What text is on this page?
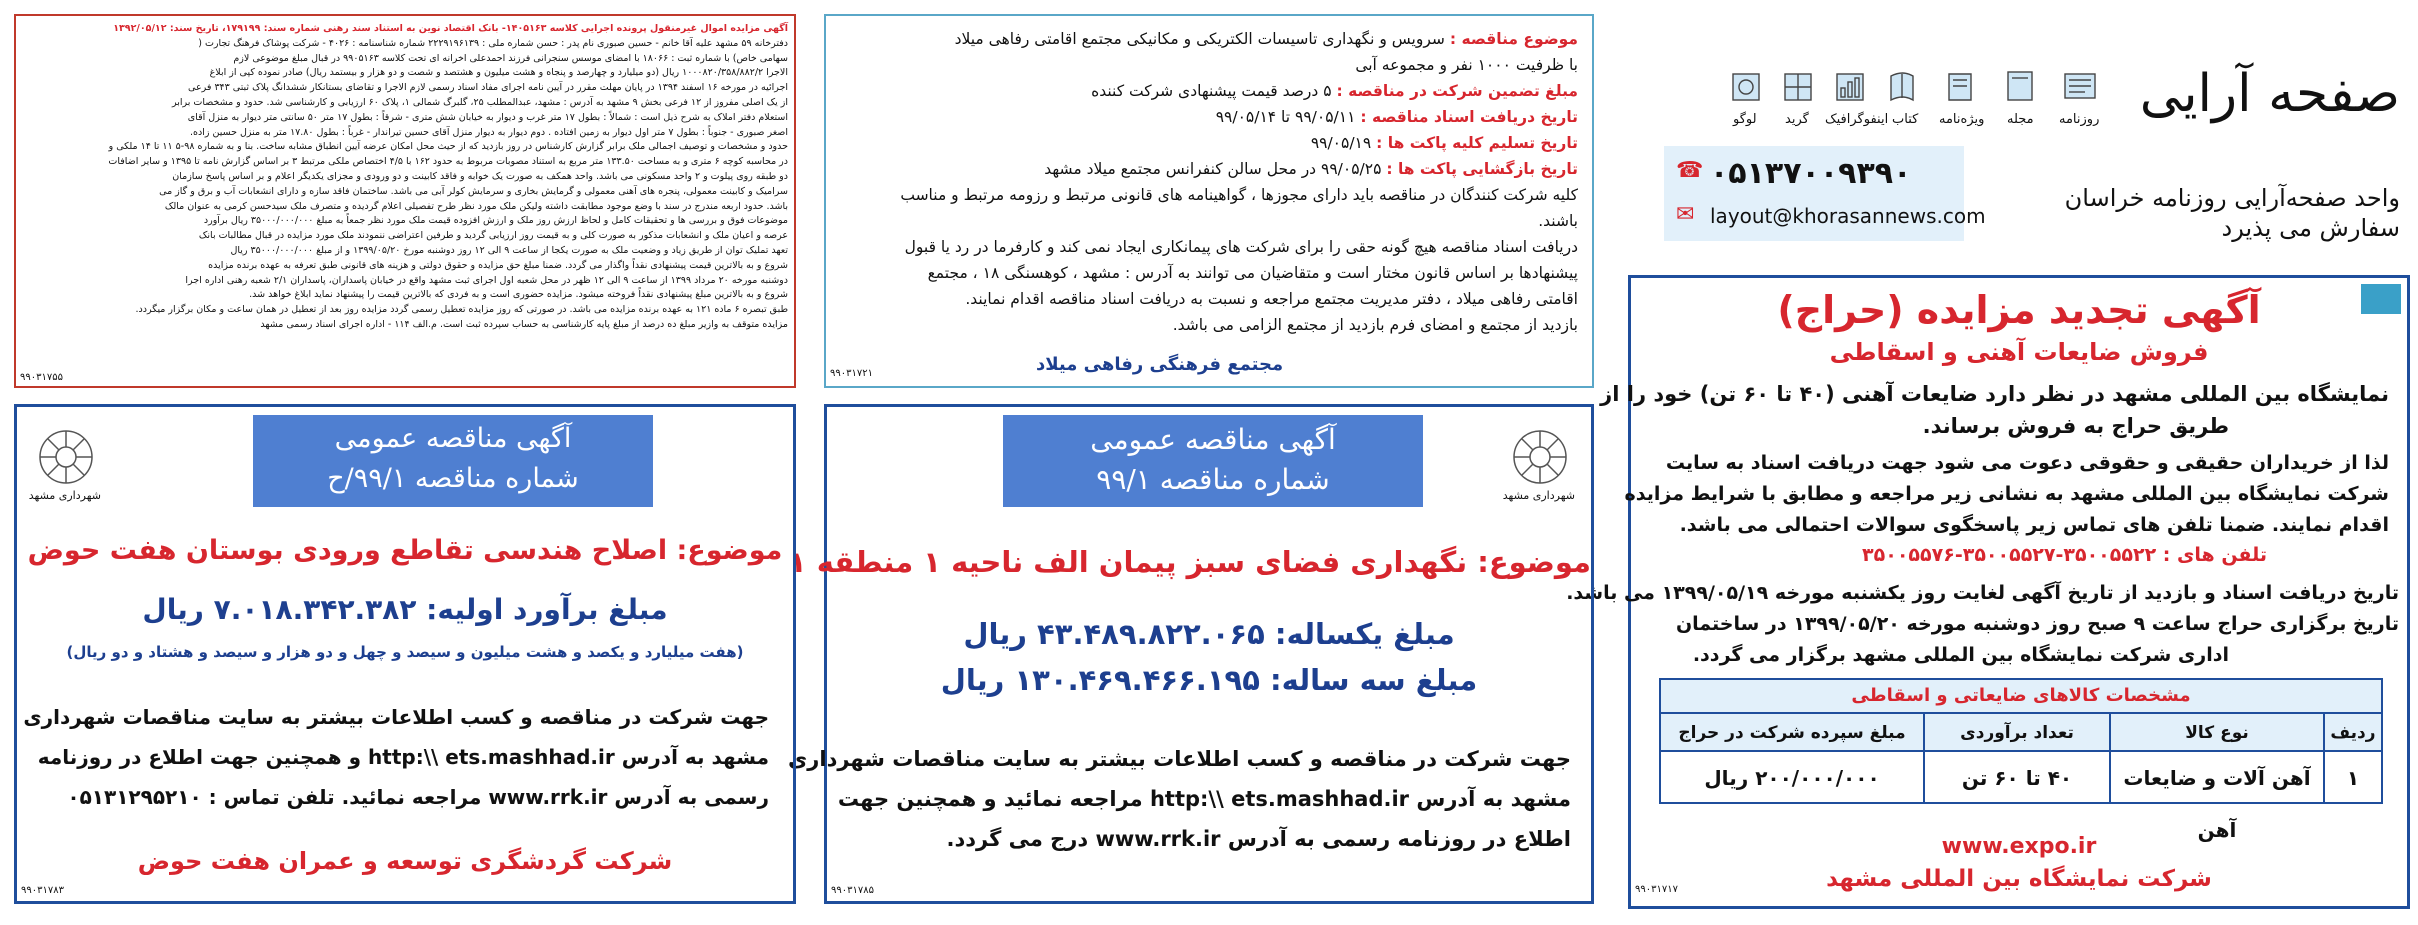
صفحه آرایی
واحد صفحه‌آرایی روزنامه خراسان
سفارش می پذیرد
روزنامه
مجله
ویژه‌نامه
کتاب
اینفوگرافیک
گرید
لوگو
۰۵۱۳۷۰۰۹۳۹۰
☎
layout@khorasannews.com
✉
آگهی تجدید مزایده (حراج)
فروش ضایعات آهنی و اسقاطی
نمایشگاه بین المللی مشهد در نظر دارد ضایعات آهنی (۴۰ تا ۶۰ تن) خود را از
طریق حراج به فروش برساند.
لذا از خریداران حقیقی و حقوقی دعوت می شود جهت دریافت اسناد به سایت
شرکت نمایشگاه بین المللی مشهد به نشانی زیر مراجعه و مطابق با شرایط مزایده
اقدام نمایند. ضمنا تلفن های تماس زیر پاسخگوی سوالات احتمالی می باشد.
تلفن های : ۳۵۰۰۵۵۲۲-۳۵۰۰۵۵۲۷-۳۵۰۰۵۵۷۶
تاریخ دریافت اسناد و بازدید از تاریخ آگهی لغایت روز یکشنبه مورخه ۱۳۹۹/۰۵/۱۹ می باشد.
تاریخ برگزاری حراج ساعت ۹ صبح روز دوشنبه مورخه ۱۳۹۹/۰۵/۲۰ در ساختمان
اداری شرکت نمایشگاه بین المللی مشهد برگزار می گردد.
مشخصات کالاهای ضایعاتی و اسقاطی
ردیف
نوع کالا
تعداد برآوردی
مبلغ سپرده شرکت در حراج
۱
آهن آلات و ضایعات آهن
۴۰ تا ۶۰ تن
۲۰۰/۰۰۰/۰۰۰ ریال
www.expo.ir
شرکت نمایشگاه بین المللی مشهد
۹۹۰۳۱۷۱۷
موضوع مناقصه : سرویس و نگهداری تاسیسات الکتریکی و مکانیکی مجتمع اقامتی رفاهی میلاد
با ظرفیت ۱۰۰۰ نفر و مجموعه آبی
مبلغ تضمین شرکت در مناقصه : ۵ درصد قیمت پیشنهادی شرکت کننده
تاریخ دریافت اسناد مناقصه : ۹۹/۰۵/۱۱ تا ۹۹/۰۵/۱۴
تاریخ تسلیم کلیه پاکت ها : ۹۹/۰۵/۱۹
تاریخ بازگشایی پاکت ها : ۹۹/۰۵/۲۵ در محل سالن کنفرانس مجتمع میلاد مشهد
کلیه شرکت کنندگان در مناقصه باید دارای مجوزها ، گواهینامه های قانونی مرتبط و رزومه مرتبط و مناسب
باشند.
دریافت اسناد مناقصه هیچ گونه حقی را برای شرکت های پیمانکاری ایجاد نمی کند و کارفرما در رد یا قبول
پیشنهادها بر اساس قانون مختار است و متقاضیان می توانند به آدرس : مشهد ، کوهسنگی ۱۸ ، مجتمع
اقامتی رفاهی میلاد ، دفتر مدیریت مجتمع مراجعه و نسبت به دریافت اسناد مناقصه اقدام نمایند.
بازدید از مجتمع و امضای فرم بازدید از مجتمع الزامی می باشد.
مجتمع فرهنگی رفاهی میلاد
۹۹۰۳۱۷۲۱
آگهی مزایده اموال غیرمنقول پرونده اجرایی کلاسه ۱۴۰۵۱۶۳- بانک اقتصاد نوین به استناد سند رهنی شماره سند: ۱۷۹۱۹۹، تاریخ سند: ۱۳۹۲/۰۵/۱۲
دفترخانه ۵۹ مشهد علیه آقا خانم - حسین صبوری نام پدر : حسن شماره ملی : ۲۲۲۹۱۹۶۱۳۹ شماره شناسنامه : ۴۰۲۶ - شرکت پوشاک فرهنگ تجارت (
سهامی خاص) با شماره ثبت : ۱۸۰۶۶ با امضای موسس سنجرانی فرزند احمدعلی اخرانه ای تحت کلاسه ۹۹۰۵۱۶۳ در قبال مبلغ موضوعی لازم
الاجرا ۱۰۰۰۸۲۰/۳۵۸/۸۸۲/۲ ریال (دو میلیارد و چهارصد و پنجاه و هشت میلیون و هشتصد و شصت و دو هزار و بیستمد ریال) صادر نموده کپی از ابلاغ
اجرائیه در مورخه ۱۶ اسفند ۱۳۹۴ در پایان مهلت مقرر در آیین نامه اجرای مفاد اسناد رسمی لازم الاجرا و تقاضای بستانکار ششدانگ پلاک ثبتی ۳۴۳ فرعی
از یک اصلی مفروز از ۱۲ فرعی بخش ۹ مشهد به آدرس : مشهد، عبدالمطلب ۲۵، گلبرگ شمالی ۱، پلاک ۶۰ ارزیابی و کارشناسی شد. حدود و مشخصات برابر
استعلام دفتر املاک به شرح ذیل است : شمالاً : بطول ۱۷ متر غرب و دیوار به خیابان شش متری - شرقاً : بطول ۱۷ متر ۵۰ سانتی متر دیوار به منزل آقای
اصغر صبوری - جنوباً : بطول ۷ متر اول دیوار به زمین افتاده . دوم دیوار به دیوار منزل آقای حسین تیراندار - غرباً : بطول ۱۷.۸۰ متر به منزل حسین زاده.
حدود و مشخصات و توصیف اجمالی ملک برابر گزارش کارشناس در روز بازدید که از حیث محل امکان عرضه آیین انطباق مشابه ساخت. بنا و به شماره ۹۸-۵ ۱۱ تا ۱۴ ملکی و
در محاسبه کوچه ۶ متری و به مساحت ۱۳۳.۵۰ متر مربع به استناد مصوبات مربوط به حدود ۱۶۲ با ۴/۵ اختصاص ملکی مرتبط ۳ بر اساس گزارش نامه تا ۱۳۹۵ و سایر اضافات
دو طبقه روی پیلوت و ۲ واحد مسکونی می باشد. واحد همکف به صورت یک خوابه و فاقد کابینت و دو ورودی و مجزای یکدیگر اعلام و بر اساس پاسخ سازمان
سرامیک و کابینت معمولی، پنجره های آهنی معمولی و گرمایش بخاری و سرمایش کولر آبی می باشد. ساختمان فاقد سازه و دارای انشعابات آب و برق و گاز می
باشد. حدود اربعه مندرج در سند با وضع موجود مطابقت داشته ولیکن ملک مورد نظر طرح تفصیلی اعلام گردیده و متصرف ملک سیدحسن کرمی به عنوان مالک
موضوعات فوق و بررسی ها و تحقیقات کامل و لحاظ ارزش روز ملک و ارزش افزوده قیمت ملک مورد نظر جمعاً به مبلغ ۳۵۰۰۰/۰۰۰/۰۰۰ ریال برآورد
عرصه و اعیان ملک و انشعابات مذکور به صورت کلی و به قیمت روز ارزیابی گردید و طرفین اعتراضی ننمودند ملک مورد مزایده در قبال مطالبات بانک
تعهد تملیک توان از طریق زیاد و وضعیت ملک به صورت یکجا از ساعت ۹ الی ۱۲ روز دوشنبه مورخ ۱۳۹۹/۰۵/۲۰ و از مبلغ ۳۵۰۰۰/۰۰۰/۰۰۰ ریال
شروع و به بالاترین قیمت پیشنهادی نقداً واگذار می گردد. ضمنا مبلغ حق مزایده و حقوق دولتی و هزینه های قانونی طبق تعرفه به عهده برنده مزایده
دوشنبه مورخه ۲۰ مرداد ۱۳۹۹ از ساعت ۹ الی ۱۲ ظهر در محل شعبه اول اجرای ثبت مشهد واقع در خیابان پاسداران، پاسداران ۲/۱ شعبه رهنی اداره اجرا
شروع و به بالاترین مبلغ پیشنهادی نقداً فروخته میشود. مزایده حضوری است و به فردی که بالاترین قیمت را پیشنهاد نماید ابلاغ خواهد شد.
طبق تبصره ۶ ماده ۱۲۱ به عهده برنده مزایده می باشد. در صورتی که روز مزایده تعطیل رسمی گردد مزایده روز بعد از تعطیل در همان ساعت و مکان برگزار میگردد.
مزایده متوقف به وازیر مبلغ ده درصد از مبلغ پایه کارشناسی به حساب سپرده ثبت است. م.الف ۱۱۴ - اداره اجرای اسناد رسمی مشهد
۹۹۰۳۱۷۵۵
آگهی مناقصه عمومی
شماره مناقصه ۹۹/۱	شهرداری مشهد
موضوع: نگهداری فضای سبز پیمان الف ناحیه ۱ منطقه ۱
مبلغ یکساله: ۴۳.۴۸۹.۸۲۲.۰۶۵ ریال
مبلغ سه ساله: ۱۳۰.۴۶۹.۴۶۶.۱۹۵ ریال
جهت شرکت در مناقصه و کسب اطلاعات بیشتر به سایت مناقصات شهرداری
مشهد به آدرس http:\\ ets.mashhad.ir مراجعه نمائید و همچنین جهت
اطلاع در روزنامه رسمی به آدرس www.rrk.ir درج می گردد.
۹۹۰۳۱۷۸۵
آگهی مناقصه عمومی
شماره مناقصه ۹۹/۱/ح
شهرداری مشهد
موضوع: اصلاح هندسی تقاطع ورودی بوستان هفت حوض
مبلغ برآورد اولیه: ۷.۰۱۸.۳۴۲.۳۸۲ ریال
(هفت میلیارد و یکصد و هشت میلیون و سیصد و چهل و دو هزار و سیصد و هشتاد و دو ریال)
جهت شرکت در مناقصه و کسب اطلاعات بیشتر به سایت مناقصات شهرداری
مشهد به آدرس http:\\ ets.mashhad.ir و همچنین جهت اطلاع در روزنامه
رسمی به آدرس www.rrk.ir مراجعه نمائید. تلفن تماس : ۰۵۱۳۱۲۹۵۲۱۰
شرکت گردشگری توسعه و عمران هفت حوض
۹۹۰۳۱۷۸۳
